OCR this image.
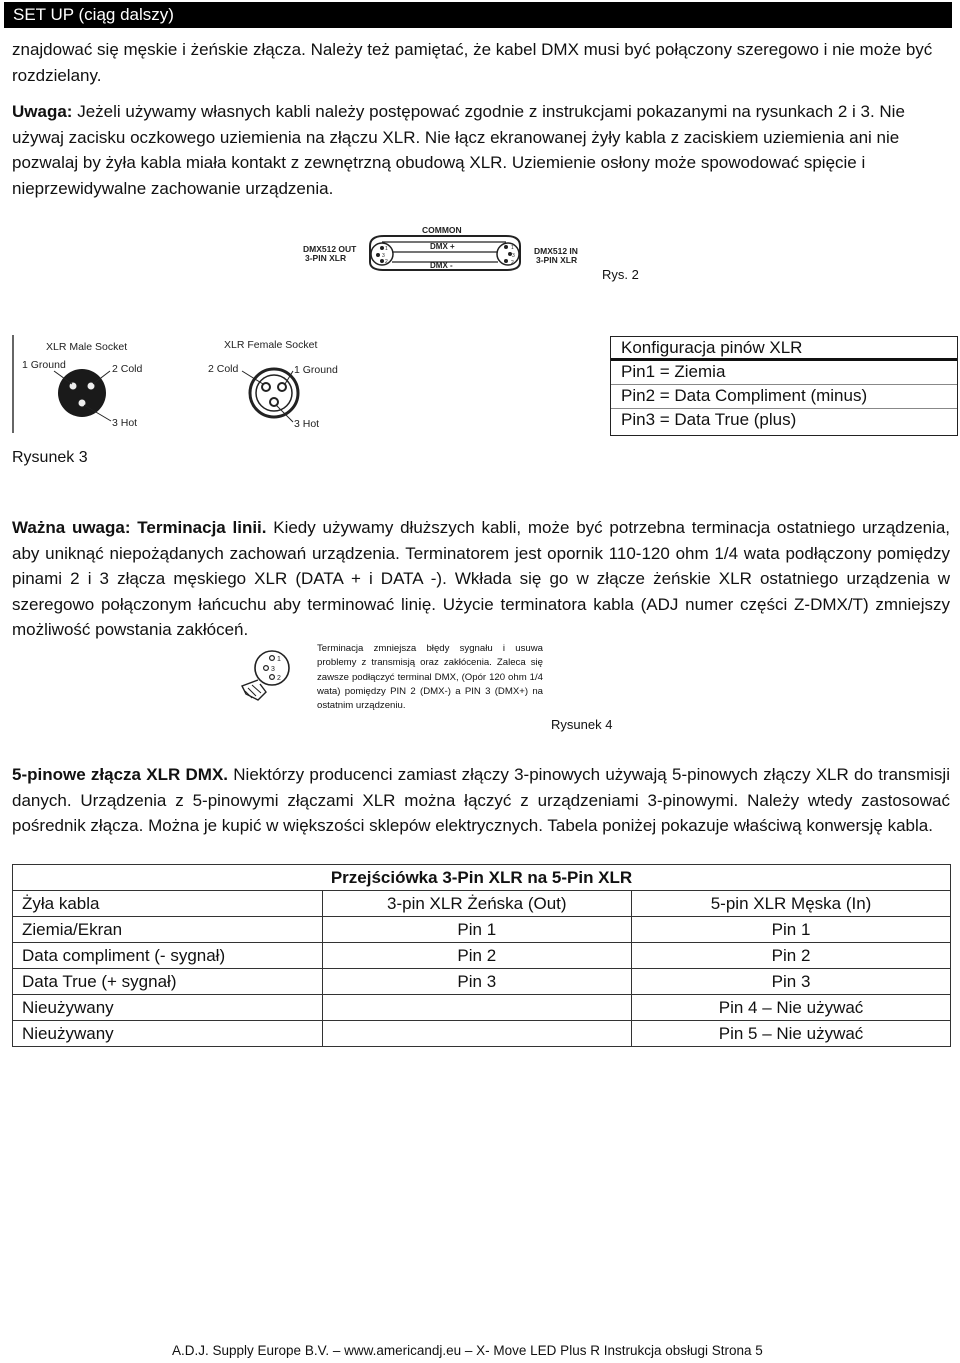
SET UP (ciąg dalszy)
znajdować się męskie i żeńskie złącza. Należy też pamiętać, że kabel DMX musi być połączony szeregowo i nie może być rozdzielany.
Uwaga: Jeżeli używamy własnych kabli należy postępować zgodnie z instrukcjami pokazanymi na rysunkach 2 i 3. Nie używaj zacisku oczkowego uziemienia na złączu XLR. Nie łącz ekranowanej żyły kabla z zaciskiem uziemienia ani nie pozwalaj by żyła kabla miała kontakt z zewnętrzną obudową XLR. Uziemienie osłony może spowodować spięcie i nieprzewidywalne zachowanie urządzenia.
DMX512 OUT
3-PIN XLR
COMMON
1
3
2
1
3
2
DMX +
DMX -
DMX512 IN
3-PIN XLR
Rys. 2
XLR Male Socket
1 Ground	2 Cold
3 Hot
XLR Female Socket
2 Cold	1 Ground
3 Hot
Rysunek 3
Konfiguracja pinów XLR
Pin1 = Ziemia
Pin2 = Data Compliment (minus)
Pin3 = Data True (plus)
Ważna uwaga: Terminacja linii. Kiedy używamy dłuższych kabli, może być potrzebna terminacja ostatniego urządzenia, aby uniknąć niepożądanych zachowań urządzenia. Terminatorem jest opornik 110-120 ohm 1/4 wata podłączony pomiędzy pinami 2 i 3 złącza męskiego XLR (DATA + i DATA -). Wkłada się go w złącze żeńskie XLR ostatniego urządzenia w szeregowo połączonym łańcuchu aby terminować linię. Użycie terminatora kabla (ADJ numer części Z-DMX/T) zmniejszy możliwość powstania zakłóceń.
1
3
2
Terminacja zmniejsza błędy sygnału i usuwa problemy z transmisją oraz zakłócenia. Zaleca się zawsze podłączyć terminal DMX, (Opór 120 ohm 1/4 wata) pomiędzy PIN 2 (DMX-) a PIN 3 (DMX+) na ostatnim urządzeniu.
Rysunek 4
5-pinowe złącza XLR DMX. Niektórzy producenci zamiast złączy 3-pinowych używają 5-pinowych złączy XLR do transmisji danych. Urządzenia z 5-pinowymi złączami XLR można łączyć z urządzeniami 3-pinowymi. Należy wtedy zastosować pośrednik złącza. Można je kupić w większości sklepów elektrycznych. Tabela poniżej pokazuje właściwą konwersję kabla.
Przejściówka 3-Pin XLR na 5-Pin XLR		
Żyła kabla	3-pin XLR Żeńska (Out)	5-pin XLR Męska (In)
Ziemia/Ekran	Pin 1	Pin 1
Data compliment (- sygnał)	Pin 2	Pin 2
Data True (+ sygnał)	Pin 3	Pin 3
Nieużywany		Pin 4 – Nie używać
Nieużywany		Pin 5 – Nie używać
A.D.J. Supply Europe B.V. – www.americandj.eu – X- Move LED Plus R Instrukcja obsługi Strona 5
